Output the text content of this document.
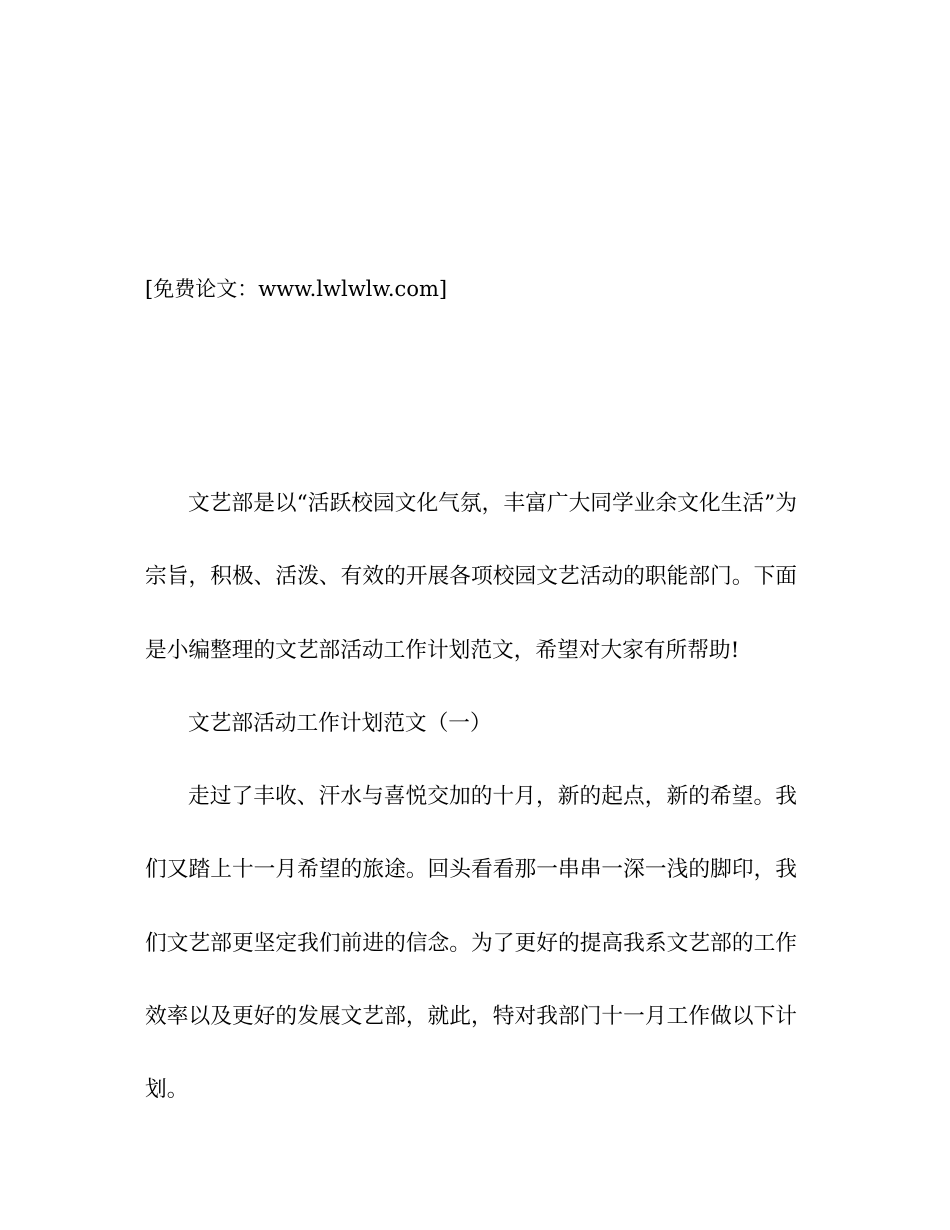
[免费论文：www.lwlwlw.com]
文艺部是以“活跃校园文化气氛，丰富广大同学业余文化生活”为
宗旨，积极、活泼、有效的开展各项校园文艺活动的职能部门。下面
是小编整理的文艺部活动工作计划范文，希望对大家有所帮助!
文艺部活动工作计划范文（一）
走过了丰收、汗水与喜悦交加的十月，新的起点，新的希望。我
们又踏上十一月希望的旅途。回头看看那一串串一深一浅的脚印，我
们文艺部更坚定我们前进的信念。为了更好的提高我系文艺部的工作
效率以及更好的发展文艺部，就此，特对我部门十一月工作做以下计
划。
